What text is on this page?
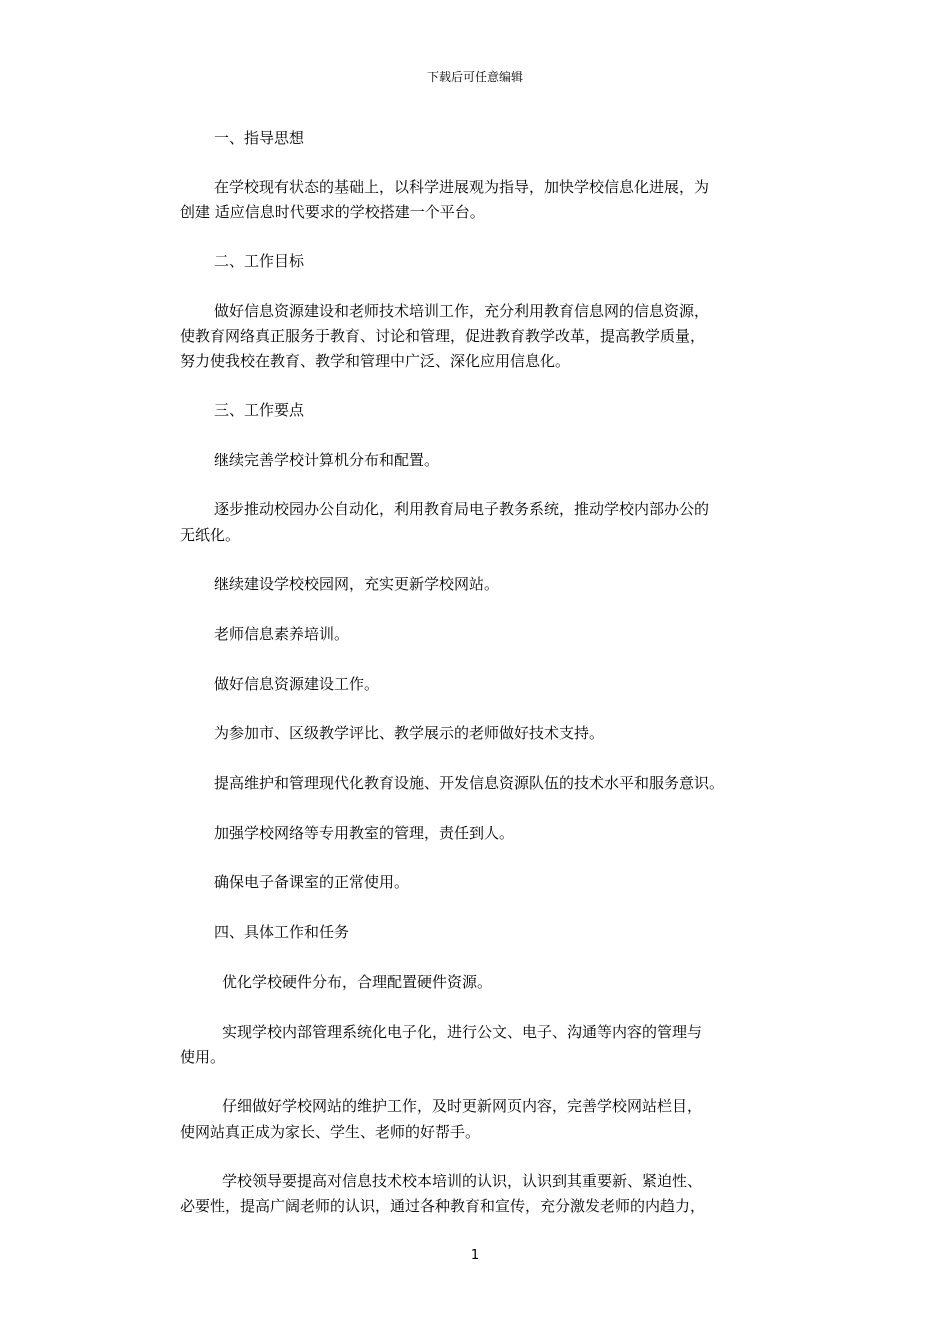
下载后可任意编辑
一、指导思想
在学校现有状态的基础上，以科学进展观为指导，加快学校信息化进展，为
创建 适应信息时代要求的学校搭建一个平台。
二、工作目标
做好信息资源建设和老师技术培训工作，充分利用教育信息网的信息资源，
使教育网络真正服务于教育、讨论和管理，促进教育教学改革，提高教学质量，
努力使我校在教育、教学和管理中广泛、深化应用信息化。
三、工作要点
继续完善学校计算机分布和配置。
逐步推动校园办公自动化，利用教育局电子教务系统，推动学校内部办公的
无纸化。
继续建设学校校园网，充实更新学校网站。
老师信息素养培训。
做好信息资源建设工作。
为参加市、区级教学评比、教学展示的老师做好技术支持。
提高维护和管理现代化教育设施、开发信息资源队伍的技术水平和服务意识。
加强学校网络等专用教室的管理，责任到人。
确保电子备课室的正常使用。
四、具体工作和任务
优化学校硬件分布，合理配置硬件资源。
实现学校内部管理系统化电子化，进行公文、电子、沟通等内容的管理与
使用。
仔细做好学校网站的维护工作，及时更新网页内容，完善学校网站栏目，
使网站真正成为家长、学生、老师的好帮手。
学校领导要提高对信息技术校本培训的认识，认识到其重要新、紧迫性、
必要性，提高广阔老师的认识，通过各种教育和宣传，充分激发老师的内趋力，
1
